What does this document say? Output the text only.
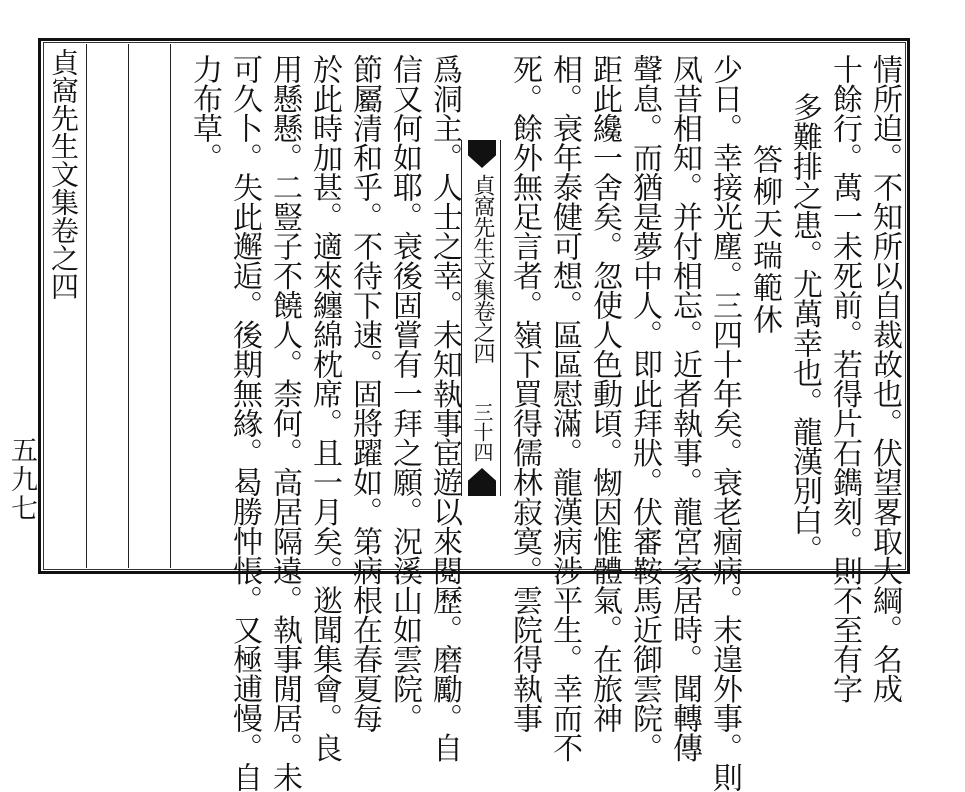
五九七
貞窩先生文集卷之四	貞窩先生文集卷之四
三十四	情所迫。不知所以自裁故也。伏望畧取大綱。名成
十餘行。萬一未死前。若得片石鐫刻。則不至有字
多難排之患。尤萬幸也。龍漢別白。
答柳天瑞範休
少日。幸接光塵。三四十年矣。衰老痼病。末遑外事。則
凤昔相知。并付相忘。近者執事。龍宮家居時。聞轉傳
聲息。而猶是夢中人。即此拜狀。伏審鞍馬近御雲院。
距此纔一舍矣。忽使人色動頃。㥘因惟體氣。在旅神
相。衰年泰健可想。區區慰滿。龍漢病涉平生。幸而不
死。餘外無足言者。嶺下買得儒林寂寞。雲院得執事
爲洞主。人士之幸。未知執事宦遊以來閱歷。磨勵。自
信又何如耶。衰後固嘗有一拜之願。況溪山如雲院。
節屬清和乎。不待下速。固將躍如。第病根在春夏每
於此時加甚。適來纏綿枕席。且一月矣。逖聞集會。良
用懸懸。二豎子不饒人。柰何。高居隔遠。執事閒居。未
可久卜。失此邂逅。後期無緣。曷勝忡悵。又極逋慢。自
力布草。
